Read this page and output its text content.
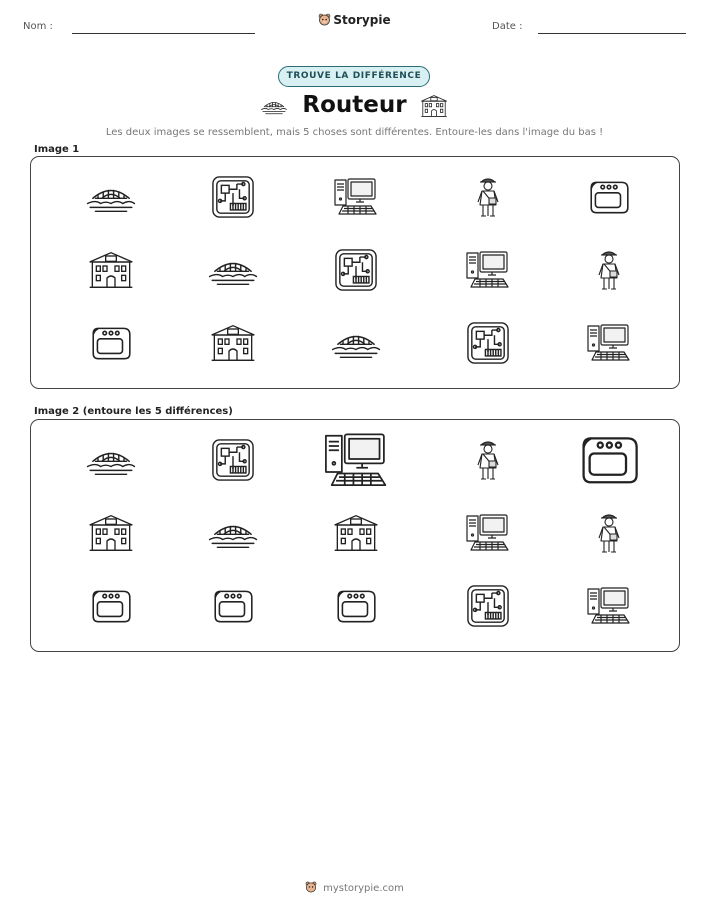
Nom :	Date :
Storypie
TROUVE LA DIFFÉRENCE
Routeur
Les deux images se ressemblent, mais 5 choses sont différentes. Entoure-les dans l'image du bas !
Image 1
Image 2 (entoure les 5 différences)
mystorypie.com
